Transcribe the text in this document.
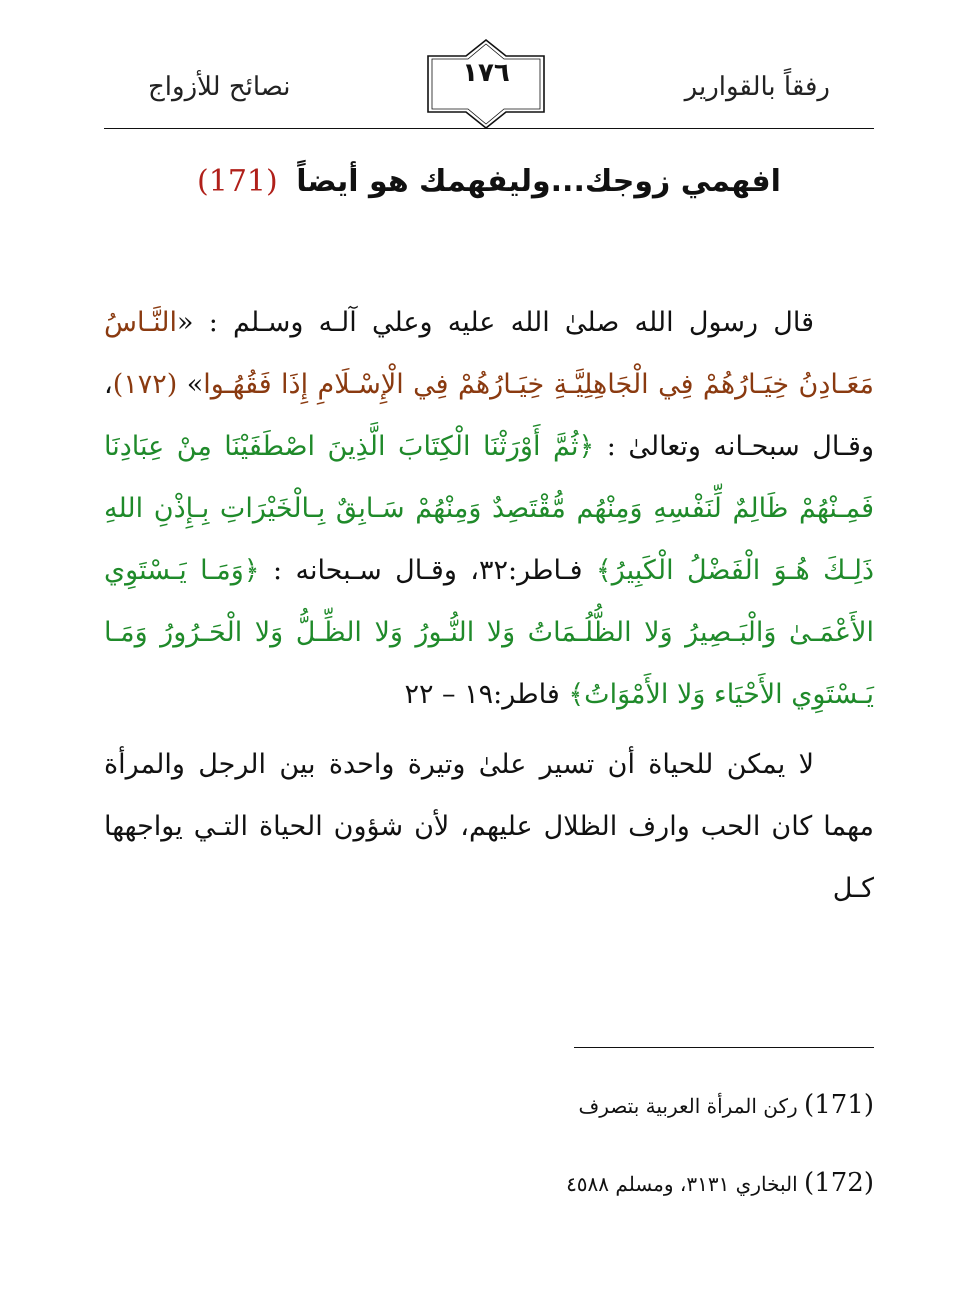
نصائح للأزواج	١٧٦	رفقاً بالقوارير
افهمي زوجك...وليفهمك هو أيضاً (171)

قال رسول الله صلىٰ الله عليه وعلي آلـه وسـلم : «النَّـاسُ مَعَـادِنُ خِيَـارُهُمْ فِي الْجَاهِلِيَّـةِ خِيَـارُهُمْ فِي الْإِسْـلَامِ إِذَا فَقُهُـوا» (١٧٢)، وقـال سبحـانه وتعالىٰ : ﴿ثُمَّ أَوْرَثْنَا الْكِتَابَ الَّذِينَ اصْطَفَيْنَا مِنْ عِبَادِنَا فَمِـنْهُمْ ظَالِمٌ لِّنَفْسِهِ وَمِنْهُم مُّقْتَصِدٌ وَمِنْهُمْ سَـابِقٌ بِـالْخَيْرَاتِ بِـإِذْنِ اللهِ ذَلِـكَ هُـوَ الْفَضْلُ الْكَبِيرُ﴾ فـاطر:٣٢، وقـال سـبحانه : ﴿وَمَـا يَـسْتَوِي الأَعْمَـىٰ وَالْبَـصِيرُ وَلا الظُّلُـمَاتُ وَلا النُّـورُ وَلا الظِّـلُّ وَلا الْحَـرُورُ وَمَـا يَـسْتَوِي الأَحْيَاء وَلا الأَمْوَاتُ﴾ فاطر:١٩ – ٢٢

لا يمكن للحياة أن تسير علىٰ وتيرة واحدة بين الرجل والمرأة مهما كان الحب وارف الظلال عليهم، لأن شؤون الحياة التـي يواجهها كـل

(171) ركن المرأة العربية بتصرف
(172) البخاري ٣١٣١، ومسلم ٤٥٨٨
